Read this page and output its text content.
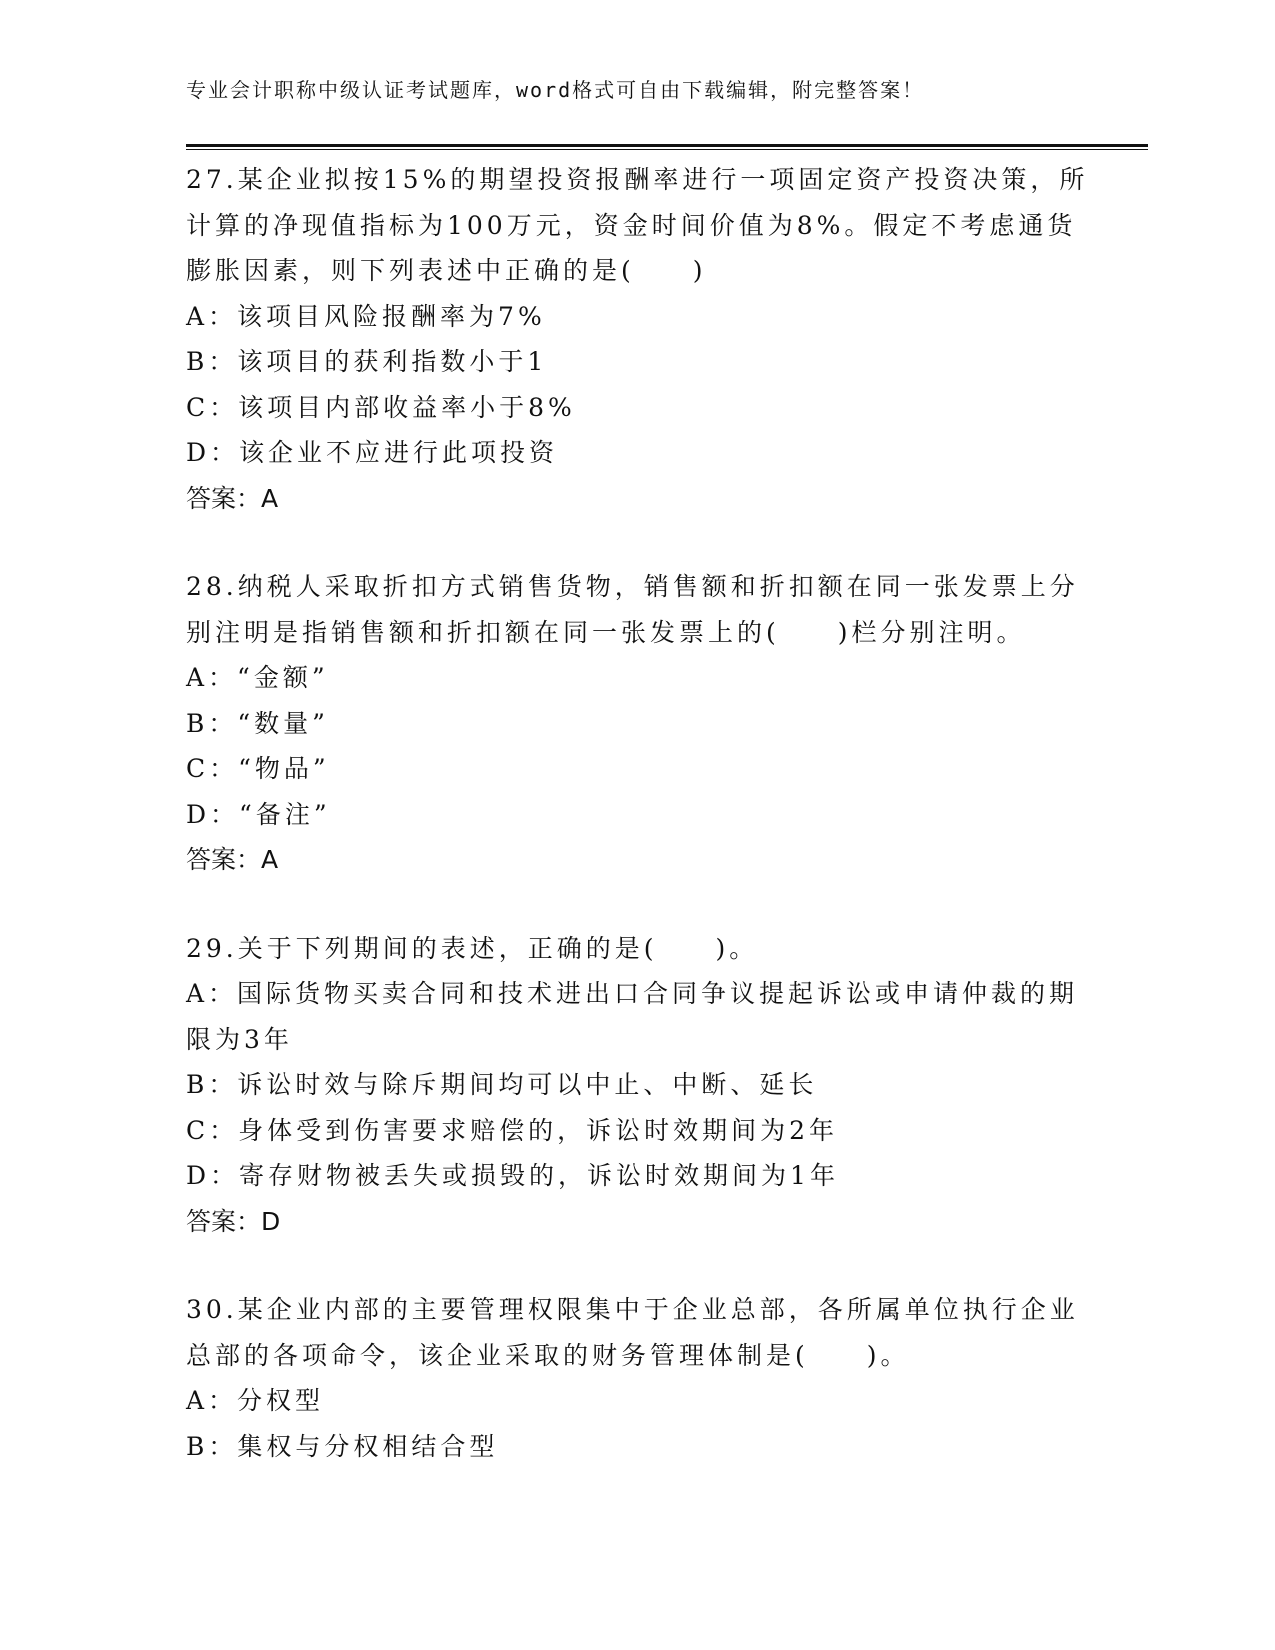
专业会计职称中级认证考试题库，word格式可自由下载编辑，附完整答案！
27.某企业拟按15%的期望投资报酬率进行一项固定资产投资决策，所
计算的净现值指标为100万元，资金时间价值为8%。假定不考虑通货
膨胀因素，则下列表述中正确的是(　　)
A：该项目风险报酬率为7%
B：该项目的获利指数小于1
C：该项目内部收益率小于8%
D：该企业不应进行此项投资
答案：A
28.纳税人采取折扣方式销售货物，销售额和折扣额在同一张发票上分
别注明是指销售额和折扣额在同一张发票上的(　　)栏分别注明。
A：“金额”
B：“数量”
C：“物品”
D：“备注”
答案：A
29.关于下列期间的表述，正确的是(　　)。
A：国际货物买卖合同和技术进出口合同争议提起诉讼或申请仲裁的期
限为3年
B：诉讼时效与除斥期间均可以中止、中断、延长
C：身体受到伤害要求赔偿的，诉讼时效期间为2年
D：寄存财物被丢失或损毁的，诉讼时效期间为1年
答案：D
30.某企业内部的主要管理权限集中于企业总部，各所属单位执行企业
总部的各项命令，该企业采取的财务管理体制是(　　)。
A：分权型
B：集权与分权相结合型
